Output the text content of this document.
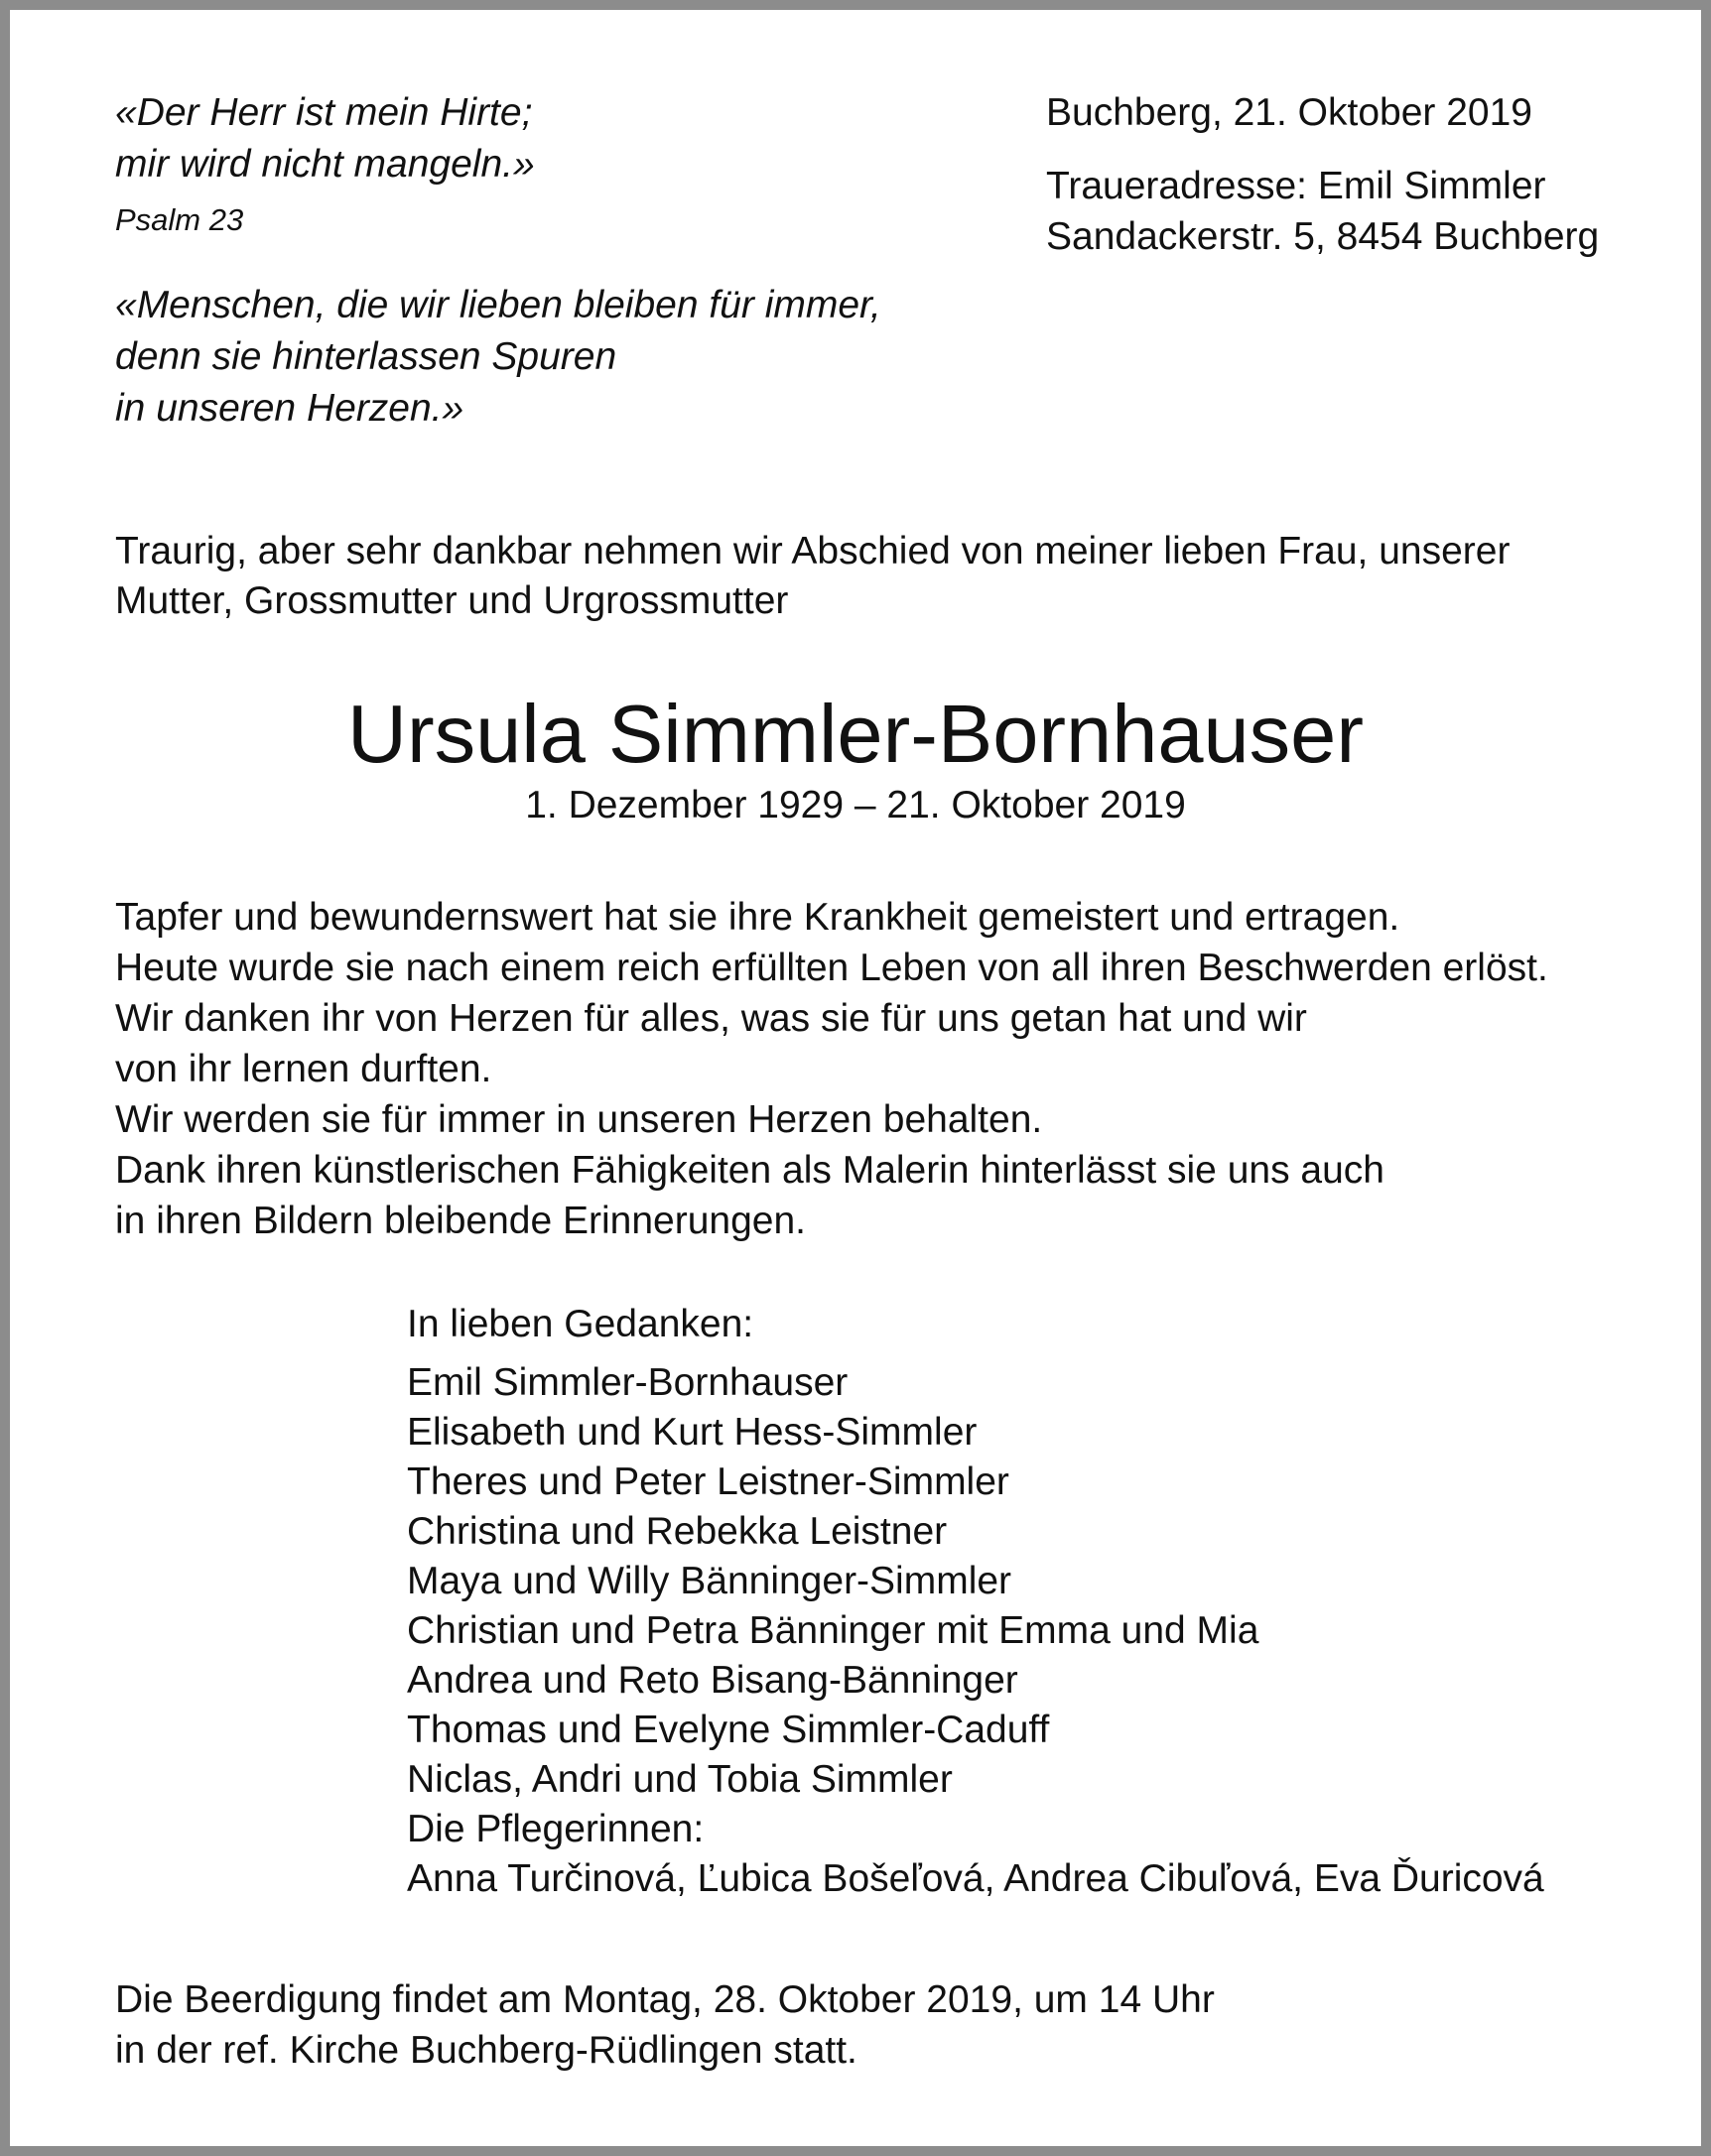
«Der Herr ist mein Hirte;
mir wird nicht mangeln.»
Psalm 23
«Menschen, die wir lieben bleiben für immer,
denn sie hinterlassen Spuren
in unseren Herzen.»
Buchberg, 21. Oktober 2019
Traueradresse: Emil Simmler
Sandackerstr. 5, 8454 Buchberg
Traurig, aber sehr dankbar nehmen wir Abschied von meiner lieben Frau, unserer
Mutter, Grossmutter und Urgrossmutter
Ursula Simmler-Bornhauser
1. Dezember 1929 – 21. Oktober 2019
Tapfer und bewundernswert hat sie ihre Krankheit gemeistert und ertragen.
Heute wurde sie nach einem reich erfüllten Leben von all ihren Beschwerden erlöst.
Wir danken ihr von Herzen für alles, was sie für uns getan hat und wir
von ihr lernen durften.
Wir werden sie für immer in unseren Herzen behalten.
Dank ihren künstlerischen Fähigkeiten als Malerin hinterlässt sie uns auch
in ihren Bildern bleibende Erinnerungen.
In lieben Gedanken:
Emil Simmler-Bornhauser
Elisabeth und Kurt Hess-Simmler
Theres und Peter Leistner-Simmler
Christina und Rebekka Leistner
Maya und Willy Bänninger-Simmler
Christian und Petra Bänninger mit Emma und Mia
Andrea und Reto Bisang-Bänninger
Thomas und Evelyne Simmler-Caduff
Niclas, Andri und Tobia Simmler
Die Pflegerinnen:
Anna Turčinová, Ľubica Bošeľová, Andrea Cibuľová, Eva Ďuricová
Die Beerdigung findet am Montag, 28. Oktober 2019, um 14 Uhr
in der ref. Kirche Buchberg-Rüdlingen statt.
